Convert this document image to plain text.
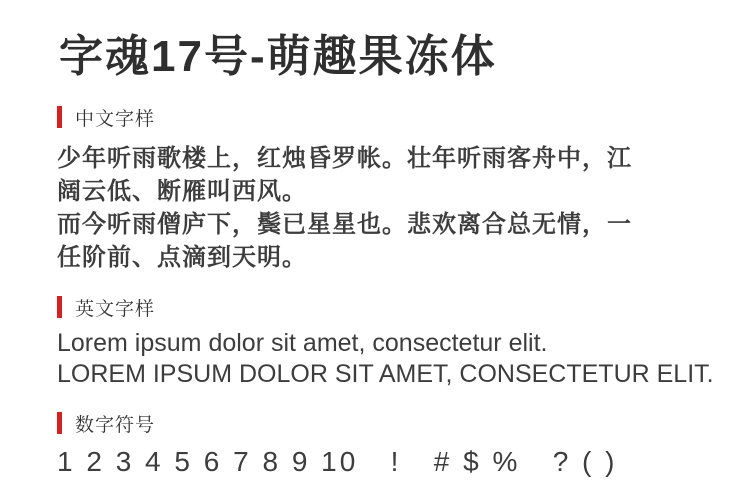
字魂17号-萌趣果冻体
中文字样
少年听雨歌楼上，红烛昏罗帐。壮年听雨客舟中，江
阔云低、断雁叫西风。
而今听雨僧庐下，鬓已星星也。悲欢离合总无情，一
任阶前、点滴到天明。
英文字样
Lorem ipsum dolor sit amet, consectetur elit.
LOREM IPSUM DOLOR SIT AMET, CONSECTETUR ELIT.
数字符号
1 2 3 4 5 6 7 8 9 10   !   # $ %   ? ( )
